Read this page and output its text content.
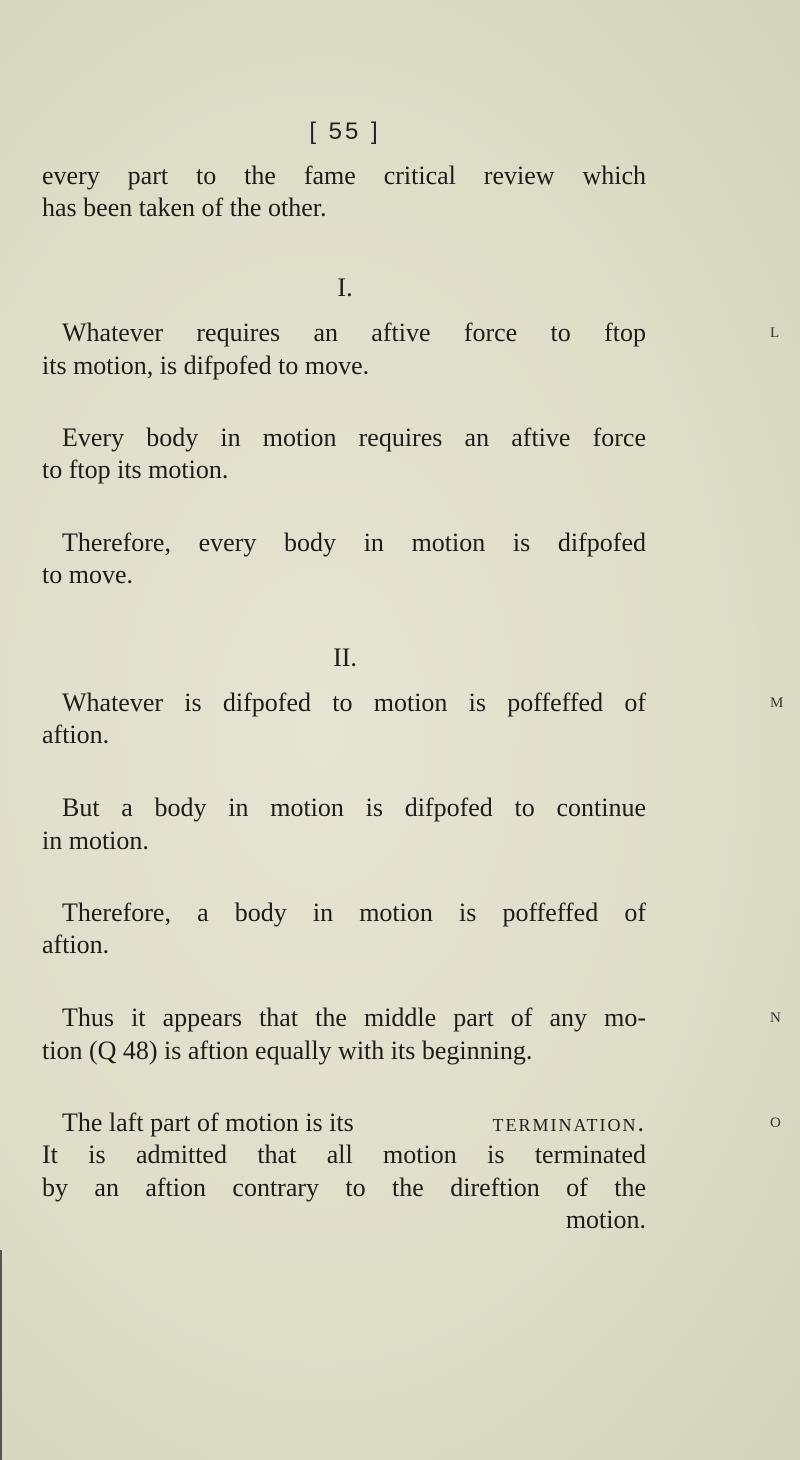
[ 55 ]
every part to the fame critical review which
has been taken of the other.
I.
Whatever requires an aftive force to ftop	L
its motion, is difpofed to move.
Every body in motion requires an aftive force
to ftop its motion.
Therefore, every body in motion is difpofed
to move.
II.
Whatever is difpofed to motion is poffeffed of	M
aftion.
But a body in motion is difpofed to continue
in motion.
Therefore, a body in motion is poffeffed of
aftion.
Thus it appears that the middle part of any mo-	N
tion (Q 48) is aftion equally with its beginning.
The laft part of motion is its	termination.	O
It is admitted that all motion is terminated
by an aftion contrary to the direftion of the
motion.
